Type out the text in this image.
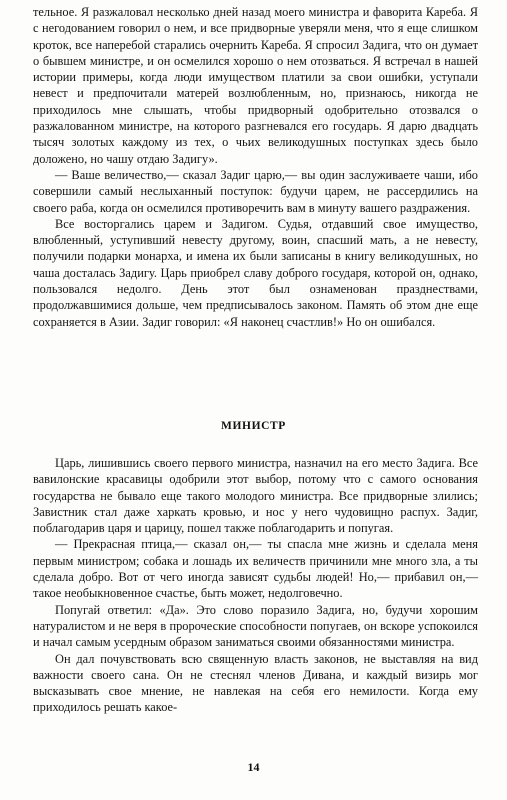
тельное. Я разжаловал несколько дней назад моего министра и фаворита Кареба. Я с негодованием говорил о нем, и все придворные уверяли меня, что я еще слишком кроток, все наперебой старались очернить Кареба. Я спросил Задига, что он думает о бывшем министре, и он осмелился хорошо о нем отозваться. Я встречал в нашей истории примеры, когда люди имуществом платили за свои ошибки, уступали невест и предпочитали матерей возлюбленным, но, признаюсь, никогда не приходилось мне слышать, чтобы придворный одобрительно отозвался о разжалованном министре, на которого разгневался его государь. Я дарю двадцать тысяч золотых каждому из тех, о чьих великодушных поступках здесь было доложено, но чашу отдаю Задигу».

— Ваше величество,— сказал Задиг царю,— вы один заслуживаете чаши, ибо совершили самый неслыханный поступок: будучи царем, не рассердились на своего раба, когда он осмелился противоречить вам в минуту вашего раздражения.

Все восторгались царем и Задигом. Судья, отдавший свое имущество, влюбленный, уступивший невесту другому, воин, спасший мать, а не невесту, получили подарки монарха, и имена их были записаны в книгу великодушных, но чаша досталась Задигу. Царь приобрел славу доброго государя, которой он, однако, пользовался недолго. День этот был ознаменован празднествами, продолжавшимися дольше, чем предписывалось законом. Память об этом дне еще сохраняется в Азии. Задиг говорил: «Я наконец счастлив!» Но он ошибался.

МИНИСТР

Царь, лишившись своего первого министра, назначил на его место Задига. Все вавилонские красавицы одобрили этот выбор, потому что с самого основания государства не бывало еще такого молодого министра. Все придворные злились; Завистник стал даже харкать кровью, и нос у него чудовищно распух. Задиг, поблагодарив царя и царицу, пошел также поблагодарить и попугая.

— Прекрасная птица,— сказал он,— ты спасла мне жизнь и сделала меня первым министром; собака и лошадь их величеств причинили мне много зла, а ты сделала добро. Вот от чего иногда зависят судьбы людей! Но,— прибавил он,— такое необыкновенное счастье, быть может, недолговечно.

Попугай ответил: «Да». Это слово поразило Задига, но, будучи хорошим натуралистом и не веря в пророческие способности попугаев, он вскоре успокоился и начал самым усердным образом заниматься своими обязанностями министра.

Он дал почувствовать всю священную власть законов, не выставляя на вид важности своего сана. Он не стеснял членов Дивана, и каждый визирь мог высказывать свое мнение, не навлекая на себя его немилости. Когда ему приходилось решать какое-

14
